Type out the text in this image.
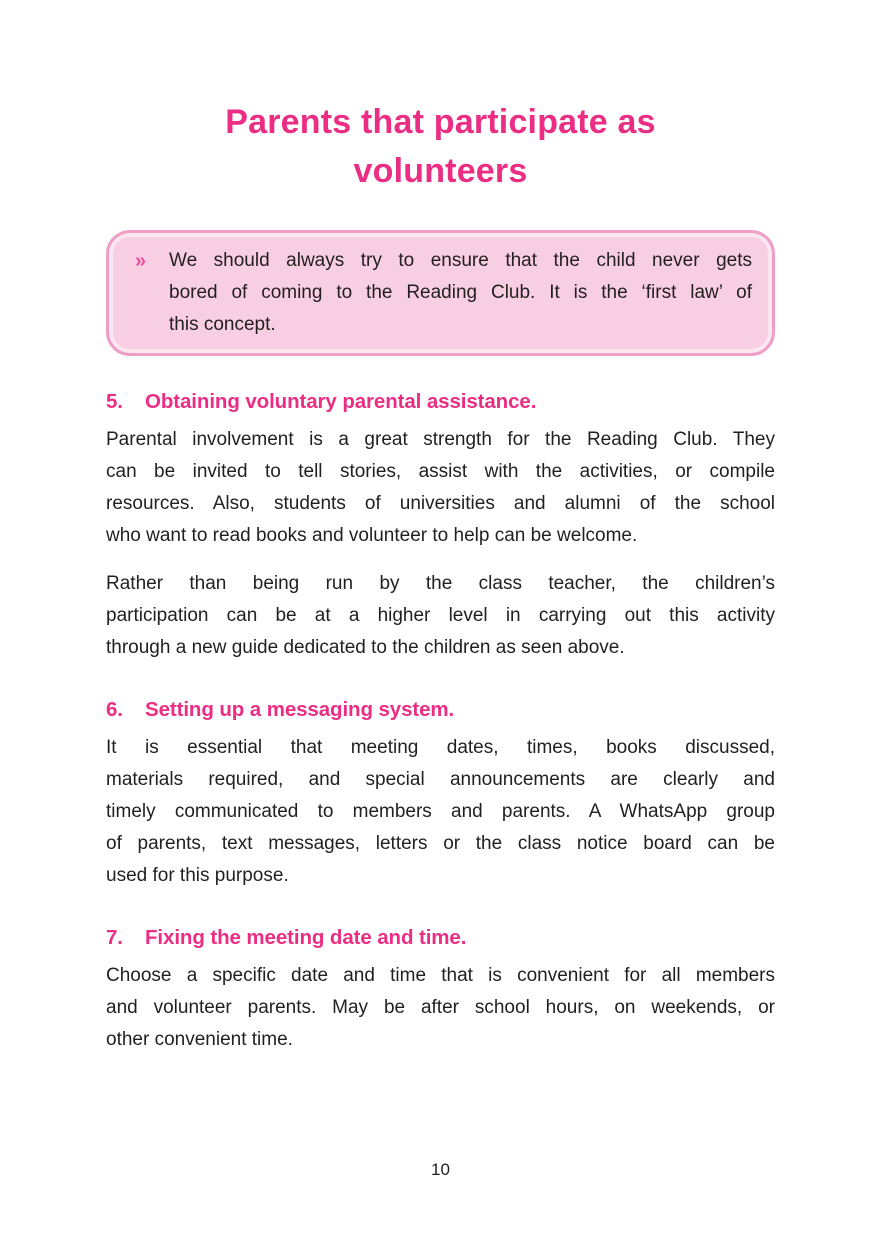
Parents that participate as
volunteers
»	We should always try to ensure that the child never gets
bored of coming to the Reading Club. It is the ‘first law’ of
this concept.
5.	Obtaining voluntary parental assistance.
Parental involvement is a great strength for the Reading Club. They
can be invited to tell stories, assist with the activities, or compile
resources. Also, students of universities and alumni of the school
who want to read books and volunteer to help can be welcome.
Rather than being run by the class teacher, the children’s
participation can be at a higher level in carrying out this activity
through a new guide dedicated to the children as seen above.
6.	Setting up a messaging system.
It is essential that meeting dates, times, books discussed,
materials required, and special announcements are clearly and
timely communicated to members and parents. A WhatsApp group
of parents, text messages, letters or the class notice board can be
used for this purpose.
7.	Fixing the meeting date and time.
Choose a specific date and time that is convenient for all members
and volunteer parents. May be after school hours, on weekends, or
other convenient time.
10
